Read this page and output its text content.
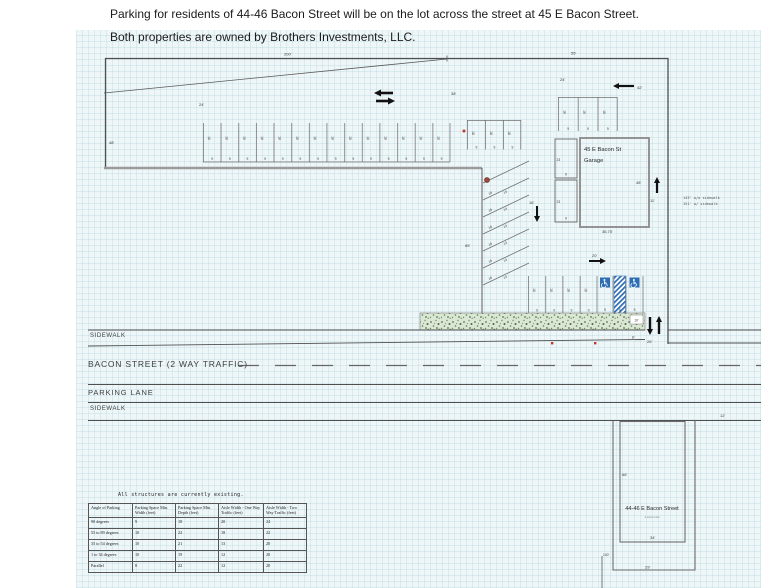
Parking for residents of 44-46 Bacon Street will be on the lot across the street at 45 E Bacon Street.
Both properties are owned by Brothers Investments, LLC.
23
9
23
9
45 E Bacon St
Garage
36.75'
48'
18	13
18	13
18	13
18	13
18	13
18	13
9	5	9
10'
8'
200'	55'
24'
48'
38'
24'
42'
85'
16'
20'
11'
26'
143' w/o sidewalk
151' w/ sidewalk
66'
44-46 E Bacon Street
4 total units
34'
100'
29'
12'
SIDEWALK
BACON STREET (2 WAY TRAFFIC)
PARKING LANE
SIDEWALK
All structures are currently existing.
Angle of Parking	Parking Space Min. Width (feet)	Parking Space Min. Depth (feet)	Aisle Width - One Way Traffic (feet)	Aisle Width - Two Way Traffic (feet)
90 degrees	9	18	20	24
55 to 89 degrees	10	22	18	22
35 to 54 degrees	10	21	13	20
1 to 34 degrees	10	19	12	20
Parallel	8	22	12	20
